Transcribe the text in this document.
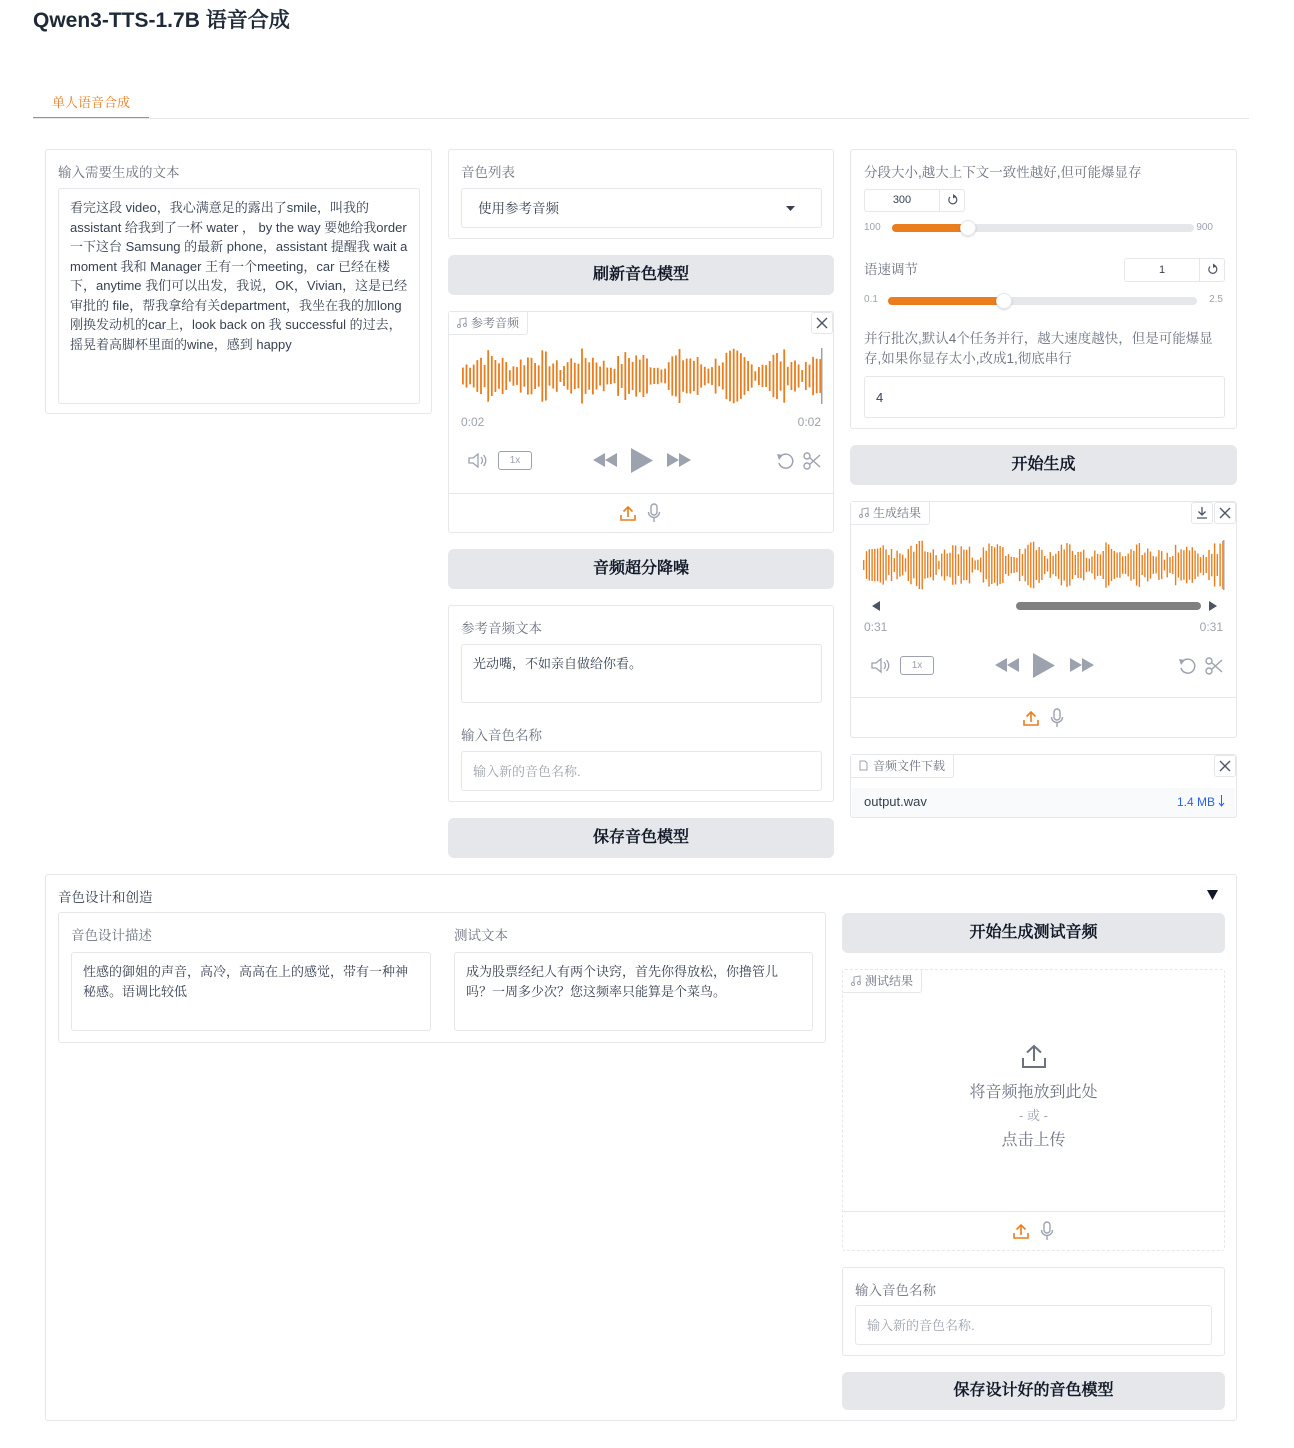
Qwen3-TTS-1.7B 语音合成
单人语音合成
输入需要生成的文本
看完这段 video，我心满意足的露出了smile，叫我的assistant 给我到了一杯 water ， by the way 要她给我order 一下这台 Samsung 的最新 phone，assistant 提醒我 wait a moment 我和 Manager 王有一个meeting，car 已经在楼下，anytime 我们可以出发，我说，OK，Vivian，这是已经审批的 file，帮我拿给有关department，我坐在我的加long刚换发动机的car上，look back on 我 successful 的过去，摇晃着高脚杯里面的wine，感到 happy
音色列表
使用参考音频
刷新音色模型
参考音频
0:02	0:02
1x
音频超分降噪
参考音频文本
光动嘴，不如亲自做给你看。
输入音色名称
输入新的音色名称.
保存音色模型
分段大小,越大上下文一致性越好,但可能爆显存
300
100	900
语速调节	1
0.1	2.5
并行批次,默认4个任务并行，越大速度越快，但是可能爆显存,如果你显存太小,改成1,彻底串行
4
开始生成
生成结果
0:31	0:31
1x
音频文件下载
output.wav	1.4 MB
音色设计和创造
音色设计描述
性感的御姐的声音，高冷，高高在上的感觉，带有一种神秘感。语调比较低
测试文本
成为股票经纪人有两个诀窍，首先你得放松，你撸管儿吗？一周多少次？您这频率只能算是个菜鸟。
开始生成测试音频
测试结果
将音频拖放到此处
- 或 -
点击上传
输入音色名称
输入新的音色名称.
保存设计好的音色模型
